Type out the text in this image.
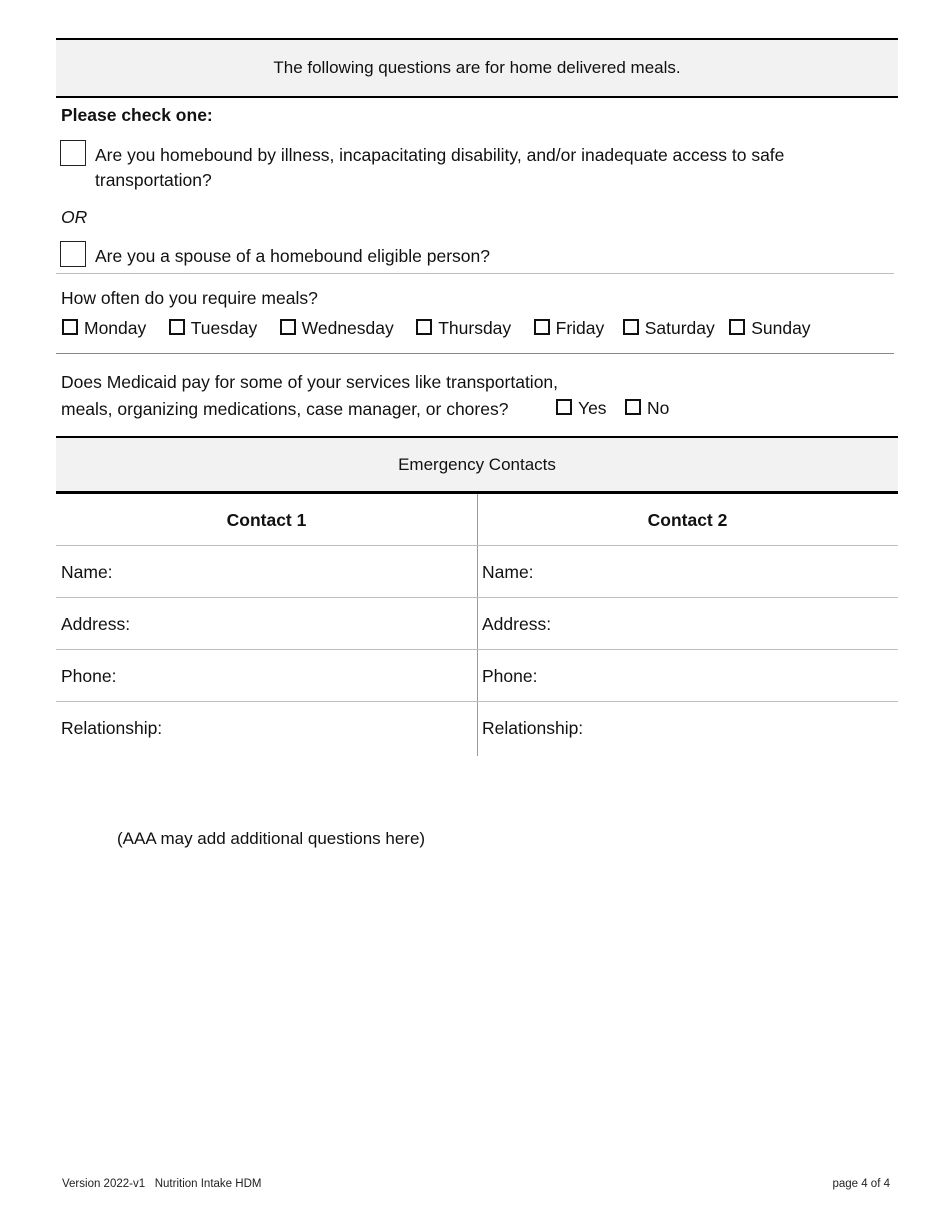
The following questions are for home delivered meals.
Please check one:
Are you homebound by illness, incapacitating disability, and/or inadequate access to safe
transportation?
OR
Are you a spouse of a homebound eligible person?
How often do you require meals?
Monday	Tuesday	Wednesday	Thursday	Friday Saturday Sunday
Does Medicaid pay for some of your services like transportation,
meals, organizing medications, case manager, or chores?	Yes	No
Emergency Contacts
Contact 1	Contact 2
Name:	Name:
Address:	Address:
Phone:	Phone:
Relationship:	Relationship:
(AAA may add additional questions here)
Version 2022-v1 Nutrition Intake HDM	page 4 of 4
